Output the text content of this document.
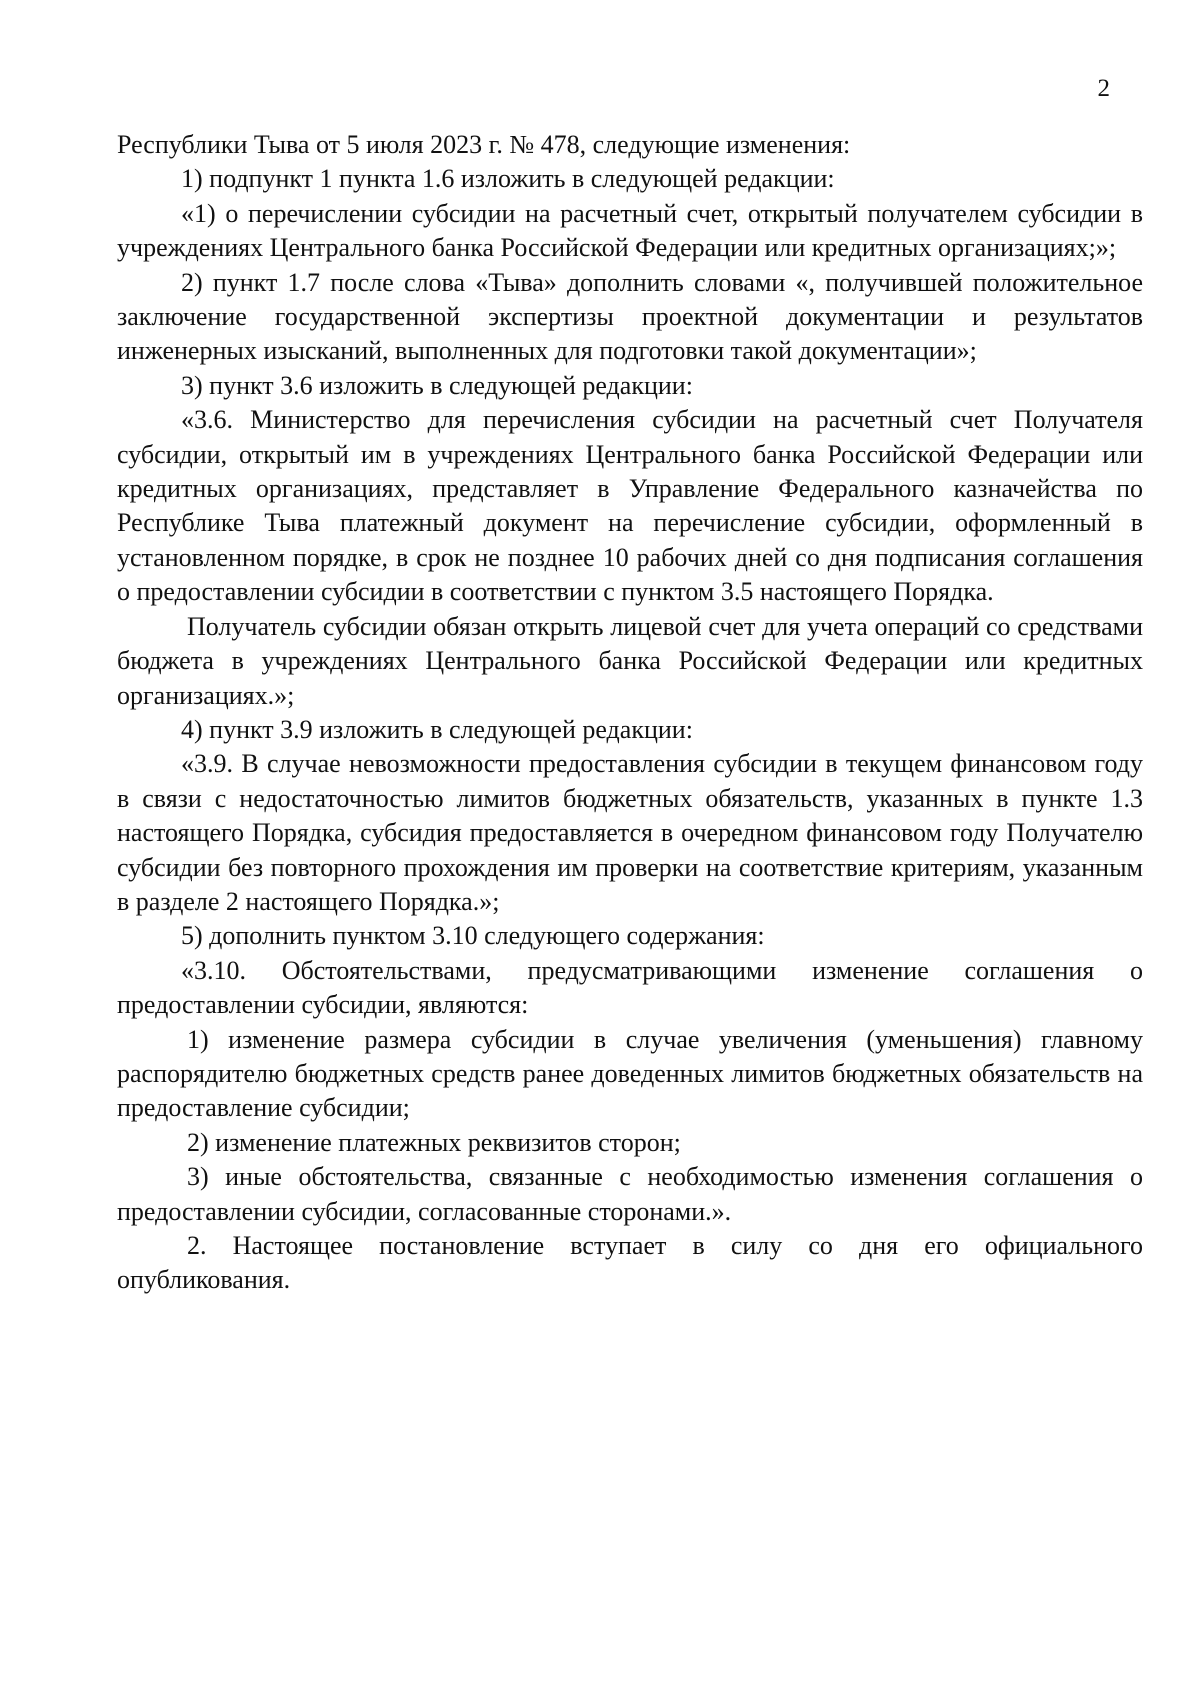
2

Республики Тыва от 5 июля 2023 г. № 478, следующие изменения:

1) подпункт 1 пункта 1.6 изложить в следующей редакции:

«1) о перечислении субсидии на расчетный счет, открытый получателем субсидии в учреждениях Центрального банка Российской Федерации или кредитных организациях;»;

2) пункт 1.7 после слова «Тыва» дополнить словами «, получившей положительное заключение государственной экспертизы проектной документации и результатов инженерных изысканий, выполненных для подготовки такой документации»;

3) пункт 3.6 изложить в следующей редакции:

«3.6. Министерство для перечисления субсидии на расчетный счет Получателя субсидии, открытый им в учреждениях Центрального банка Российской Федерации или кредитных организациях, представляет в Управление Федерального казначейства по Республике Тыва платежный документ на перечисление субсидии, оформленный в установленном порядке, в срок не позднее 10 рабочих дней со дня подписания соглашения о предоставлении субсидии в соответствии с пунктом 3.5 настоящего Порядка.

Получатель субсидии обязан открыть лицевой счет для учета операций со средствами бюджета в учреждениях Центрального банка Российской Федерации или кредитных организациях.»;

4) пункт 3.9 изложить в следующей редакции:

«3.9. В случае невозможности предоставления субсидии в текущем финансовом году в связи с недостаточностью лимитов бюджетных обязательств, указанных в пункте 1.3 настоящего Порядка, субсидия предоставляется в очередном финансовом году Получателю субсидии без повторного прохождения им проверки на соответствие критериям, указанным в разделе 2 настоящего Порядка.»;

5) дополнить пунктом 3.10 следующего содержания:

«3.10. Обстоятельствами, предусматривающими изменение соглашения о предоставлении субсидии, являются:

1) изменение размера субсидии в случае увеличения (уменьшения) главному распорядителю бюджетных средств ранее доведенных лимитов бюджетных обязательств на предоставление субсидии;

2) изменение платежных реквизитов сторон;

3) иные обстоятельства, связанные с необходимостью изменения соглашения о предоставлении субсидии, согласованные сторонами.».

2. Настоящее постановление вступает в силу со дня его официального опубликования.
